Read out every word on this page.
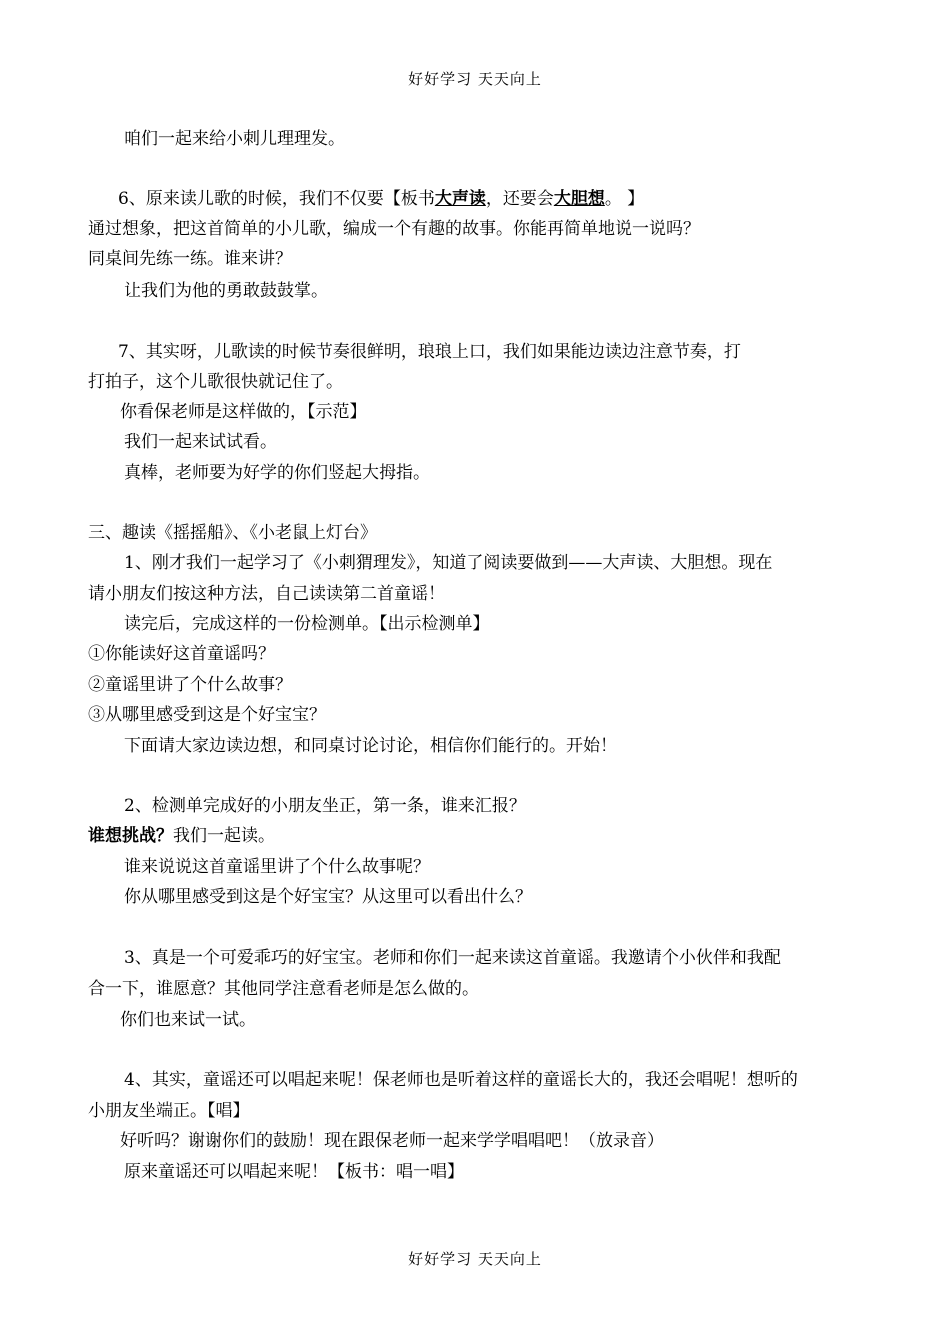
好好学习 天天向上
咱们一起来给小刺儿理理发。
6、原来读儿歌的时候，我们不仅要【板书大声读，还要会大胆想。 】
通过想象，把这首简单的小儿歌，编成一个有趣的故事。你能再简单地说一说吗？
同桌间先练一练。谁来讲？
让我们为他的勇敢鼓鼓掌。
7、其实呀，儿歌读的时候节奏很鲜明，琅琅上口，我们如果能边读边注意节奏，打
打拍子，这个儿歌很快就记住了。
你看保老师是这样做的，【示范】
我们一起来试试看。
真棒，老师要为好学的你们竖起大拇指。
三、趣读《摇摇船》、《小老鼠上灯台》
1、刚才我们一起学习了《小刺猬理发》，知道了阅读要做到——大声读、大胆想。现在
请小朋友们按这种方法，自己读读第二首童谣！
读完后，完成这样的一份检测单。【出示检测单】
①你能读好这首童谣吗？
②童谣里讲了个什么故事？
③从哪里感受到这是个好宝宝？
下面请大家边读边想，和同桌讨论讨论，相信你们能行的。开始！
2、检测单完成好的小朋友坐正，第一条，谁来汇报？
谁想挑战？我们一起读。
谁来说说这首童谣里讲了个什么故事呢？
你从哪里感受到这是个好宝宝？从这里可以看出什么？
3、真是一个可爱乖巧的好宝宝。老师和你们一起来读这首童谣。我邀请个小伙伴和我配
合一下，谁愿意？其他同学注意看老师是怎么做的。
你们也来试一试。
4、其实，童谣还可以唱起来呢！保老师也是听着这样的童谣长大的，我还会唱呢！想听的
小朋友坐端正。【唱】
好听吗？谢谢你们的鼓励！现在跟保老师一起来学学唱唱吧！（放录音）
原来童谣还可以唱起来呢！【板书：唱一唱】
好好学习 天天向上
